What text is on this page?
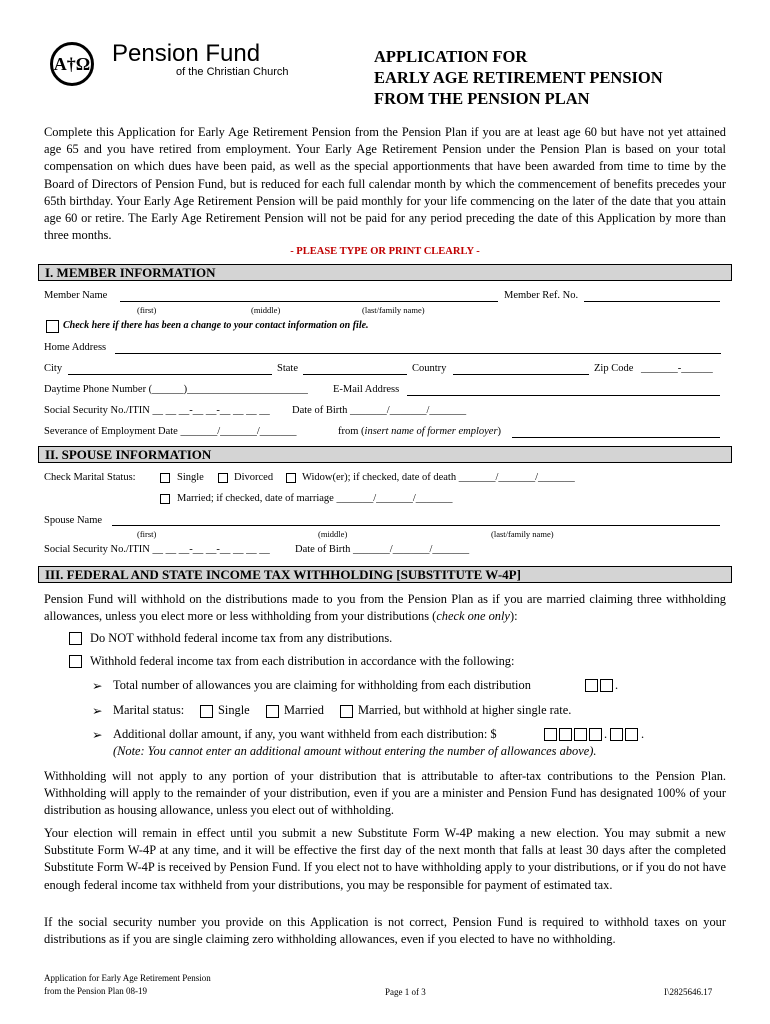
A†Ω Pension Fund
of the Christian Church
APPLICATION FOR
EARLY AGE RETIREMENT PENSION
FROM THE PENSION PLAN
Complete this Application for Early Age Retirement Pension from the Pension Plan if you are at least age 60 but have not yet attained age 65 and you have retired from employment. Your Early Age Retirement Pension under the Pension Plan is based on your total compensation on which dues have been paid, as well as the special apportionments that have been awarded from time to time by the Board of Directors of Pension Fund, but is reduced for each full calendar month by which the commencement of benefits precedes your 65th birthday. Your Early Age Retirement Pension will be paid monthly for your life commencing on the later of the date that you attain age 60 or retire. The Early Age Retirement Pension will not be paid for any period preceding the date of this Application by more than three months.
- PLEASE TYPE OR PRINT CLEARLY -
I. MEMBER INFORMATION
Member Name	Member Ref. No.
(first)	(middle)	(last/family name)
Check here if there has been a change to your contact information on file.
Home Address
City	State	Country	Zip Code _______-______
Daytime Phone Number (______)_______________________ E-Mail Address
Social Security No./ITIN __ __ __-__ __-__ __ __ __ Date of Birth _______/_______/_______
Severance of Employment Date _______/_______/_______	from (insert name of former employer)
II. SPOUSE INFORMATION
Check Marital Status:	Single	Divorced	Widow(er); if checked, date of death _______/_______/_______
Married; if checked, date of marriage _______/_______/_______
Spouse Name
(first)	(middle)	(last/family name)
Social Security No./ITIN __ __ __-__ __-__ __ __ __ Date of Birth _______/_______/_______
III. FEDERAL AND STATE INCOME TAX WITHHOLDING [SUBSTITUTE W-4P]
Pension Fund will withhold on the distributions made to you from the Pension Plan as if you are married claiming three withholding allowances, unless you elect more or less withholding from your distributions (check one only):
Do NOT withhold federal income tax from any distributions.
Withhold federal income tax from each distribution in accordance with the following:
➢ Total number of allowances you are claiming for withholding from each distribution	.
➢ Marital status:	Single	Married	Married, but withhold at higher single rate.
➢ Additional dollar amount, if any, you want withheld from each distribution: $	.	.
(Note: You cannot enter an additional amount without entering the number of allowances above).
Withholding will not apply to any portion of your distribution that is attributable to after-tax contributions to the Pension Plan. Withholding will apply to the remainder of your distribution, even if you are a minister and Pension Fund has designated 100% of your distribution as housing allowance, unless you elect out of withholding.
Your election will remain in effect until you submit a new Substitute Form W-4P making a new election. You may submit a new Substitute Form W-4P at any time, and it will be effective the first day of the next month that falls at least 30 days after the completed Substitute Form W-4P is received by Pension Fund. If you elect not to have withholding apply to your distributions, or if you do not have enough federal income tax withheld from your distributions, you may be responsible for payment of estimated tax.
If the social security number you provide on this Application is not correct, Pension Fund is required to withhold taxes on your distributions as if you are single claiming zero withholding allowances, even if you elected to have no withholding.
Application for Early Age Retirement Pension
from the Pension Plan 08-19	Page 1 of 3	I\2825646.17
